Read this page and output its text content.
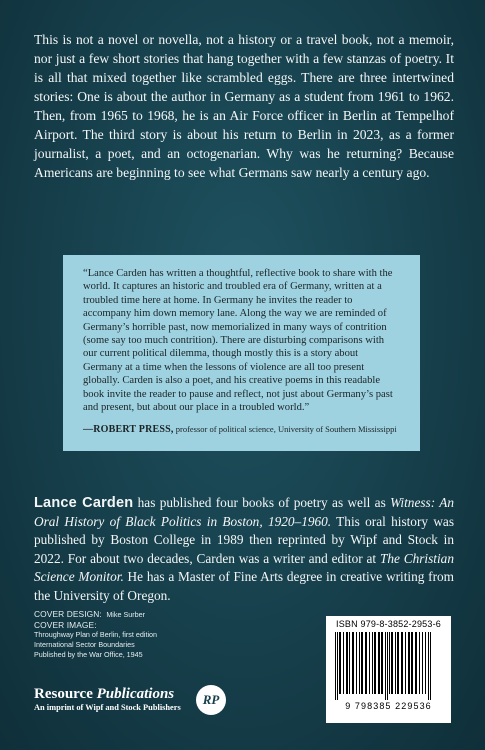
This is not a novel or novella, not a history or a travel book, not a memoir, nor just a few short stories that hang together with a few stanzas of poetry. It is all that mixed together like scrambled eggs. There are three intertwined stories: One is about the author in Germany as a student from 1961 to 1962. Then, from 1965 to 1968, he is an Air Force officer in Berlin at Tempelhof Airport. The third story is about his return to Berlin in 2023, as a former journalist, a poet, and an octogenarian. Why was he returning? Because Americans are beginning to see what Germans saw nearly a century ago.

“Lance Carden has written a thoughtful, reflective book to share with the world. It captures an historic and troubled era of Germany, written at a troubled time here at home. In Germany he invites the reader to accompany him down memory lane. Along the way we are reminded of Germany’s horrible past, now memorialized in many ways of contrition (some say too much contrition). There are disturbing comparisons with our current political dilemma, though mostly this is a story about Germany at a time when the lessons of violence are all too present globally. Carden is also a poet, and his creative poems in this readable book invite the reader to pause and reflect, not just about Germany’s past and present, but about our place in a troubled world.”

—ROBERT PRESS, professor of political science, University of Southern Mississippi

Lance Carden has published four books of poetry as well as Witness: An Oral History of Black Politics in Boston, 1920–1960. This oral history was published by Boston College in 1989 then reprinted by Wipf and Stock in 2022. For about two decades, Carden was a writer and editor at The Christian Science Monitor. He has a Master of Fine Arts degree in creative writing from the University of Oregon.

COVER DESIGN: Mike Surber
COVER IMAGE:
Throughway Plan of Berlin, first edition
International Sector Boundaries
Published by the War Office, 1945
ISBN 979-8-3852-2953-6
9 798385 229536
Resource Publications
An imprint of Wipf and Stock Publishers
RP
